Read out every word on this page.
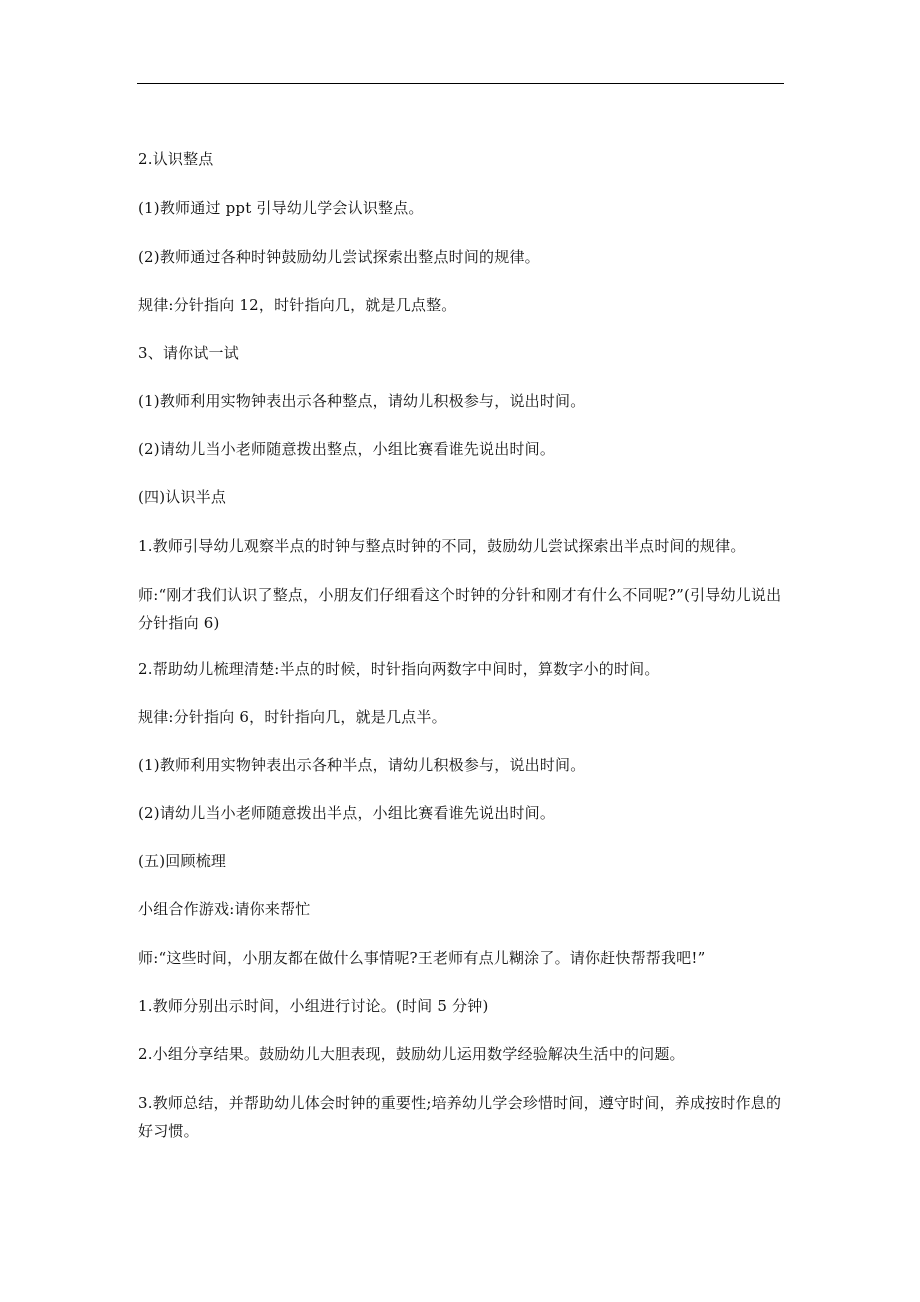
2.认识整点

(1)教师通过 ppt 引导幼儿学会认识整点。

(2)教师通过各种时钟鼓励幼儿尝试探索出整点时间的规律。

规律:分针指向 12，时针指向几，就是几点整。

3、请你试一试

(1)教师利用实物钟表出示各种整点，请幼儿积极参与，说出时间。

(2)请幼儿当小老师随意拨出整点，小组比赛看谁先说出时间。

(四)认识半点

1.教师引导幼儿观察半点的时钟与整点时钟的不同，鼓励幼儿尝试探索出半点时间的规律。

师:“刚才我们认识了整点，小朋友们仔细看这个时钟的分针和刚才有什么不同呢?”(引导幼儿说出分针指向 6)

2.帮助幼儿梳理清楚:半点的时候，时针指向两数字中间时，算数字小的时间。

规律:分针指向 6，时针指向几，就是几点半。

(1)教师利用实物钟表出示各种半点，请幼儿积极参与，说出时间。

(2)请幼儿当小老师随意拨出半点，小组比赛看谁先说出时间。

(五)回顾梳理

小组合作游戏:请你来帮忙

师:“这些时间，小朋友都在做什么事情呢?王老师有点儿糊涂了。请你赶快帮帮我吧!”

1.教师分别出示时间，小组进行讨论。(时间 5 分钟)

2.小组分享结果。鼓励幼儿大胆表现，鼓励幼儿运用数学经验解决生活中的问题。

3.教师总结，并帮助幼儿体会时钟的重要性;培养幼儿学会珍惜时间，遵守时间，养成按时作息的好习惯。
